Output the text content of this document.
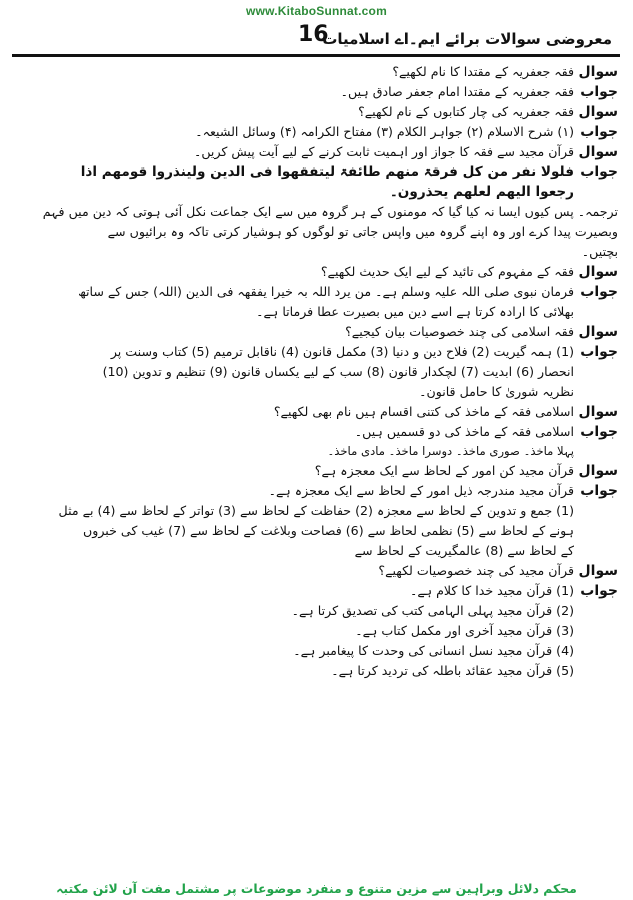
www.KitaboSunnat.com
16
معروضی سوالات برائے ایم۔اے اسلامیات
سوال
فقہ جعفریہ کے مقتدا کا نام لکھیے؟
جواب
فقہ جعفریہ کے مقتدا امام جعفر صادق ہیں۔
سوال
فقہ جعفریہ کی چار کتابوں کے نام لکھیے؟
جواب
(۱) شرح الاسلام (۲) جواہر الکلام (۳) مفتاح الکرامہ (۴) وسائل الشیعہ۔
سوال
قرآن مجید سے فقہ کا جواز اور اہمیت ثابت کرنے کے لیے آیت پیش کریں۔
جواب
فلولا نفر من کل فرقۃ منھم طائفۃ لیتفقھوا فی الدین ولینذروا قومھم اذا
رجعوا الیھم لعلھم یحذرون۔
ترجمہ۔ پس کیوں ایسا نہ کیا گیا کہ مومنوں کے ہر گروہ میں سے ایک جماعت نکل آئی ہوتی کہ دین میں فہم
وبصیرت پیدا کرے اور وہ اپنے گروہ میں واپس جاتی تو لوگوں کو ہوشیار کرتی تاکہ وہ برائیوں سے
بچتیں۔
سوال
فقہ کے مفہوم کی تائید کے لیے ایک حدیث لکھیے؟
جواب
فرمان نبوی صلی اللہ علیہ وسلم ہے۔ من یرد اللہ بہ خیرا یفقھہ فی الدین (اللہ) جس کے ساتھ
بھلائی کا ارادہ کرتا ہے اسے دین میں بصیرت عطا فرماتا ہے۔
سوال
فقہ اسلامی کی چند خصوصیات بیان کیجیے؟
جواب
(1) ہمہ گیریت (2) فلاح دین و دنیا (3) مکمل قانون (4) ناقابل ترمیم (5) کتاب وسنت پر
انحصار (6) ابدیت (7) لچکدار قانون (8) سب کے لیے یکساں قانون (9) تنظیم و تدوین (10)
نظریہ شوریٰ کا حامل قانون۔
سوال
اسلامی فقہ کے ماخذ کی کتنی اقسام ہیں نام بھی لکھیے؟
جواب
اسلامی فقہ کے ماخذ کی دو قسمیں ہیں۔
پہلا ماخذ۔ صوری ماخذ۔ دوسرا ماخذ۔ مادی ماخذ۔
سوال
قرآن مجید کن امور کے لحاظ سے ایک معجزہ ہے؟
جواب
قرآن مجید مندرجہ ذیل امور کے لحاظ سے ایک معجزہ ہے۔
(1) جمع و تدوین کے لحاظ سے معجزہ (2) حفاظت کے لحاظ سے (3) تواتر کے لحاظ سے (4) بے مثل
ہونے کے لحاظ سے (5) نظمی لحاظ سے (6) فصاحت وبلاغت کے لحاظ سے (7) غیب کی خبروں
کے لحاظ سے (8) عالمگیریت کے لحاظ سے
سوال
قرآن مجید کی چند خصوصیات لکھیے؟
جواب
(1) قرآن مجید خدا کا کلام ہے۔
(2) قرآن مجید پہلی الہامی کتب کی تصدیق کرتا ہے۔
(3) قرآن مجید آخری اور مکمل کتاب ہے۔
(4) قرآن مجید نسل انسانی کی وحدت کا پیغامبر ہے۔
(5) قرآن مجید عقائد باطلہ کی تردید کرتا ہے۔
محکم دلائل وبراہین سے مزین متنوع و منفرد موضوعات پر مشتمل مفت آن لائن مکتبہ
